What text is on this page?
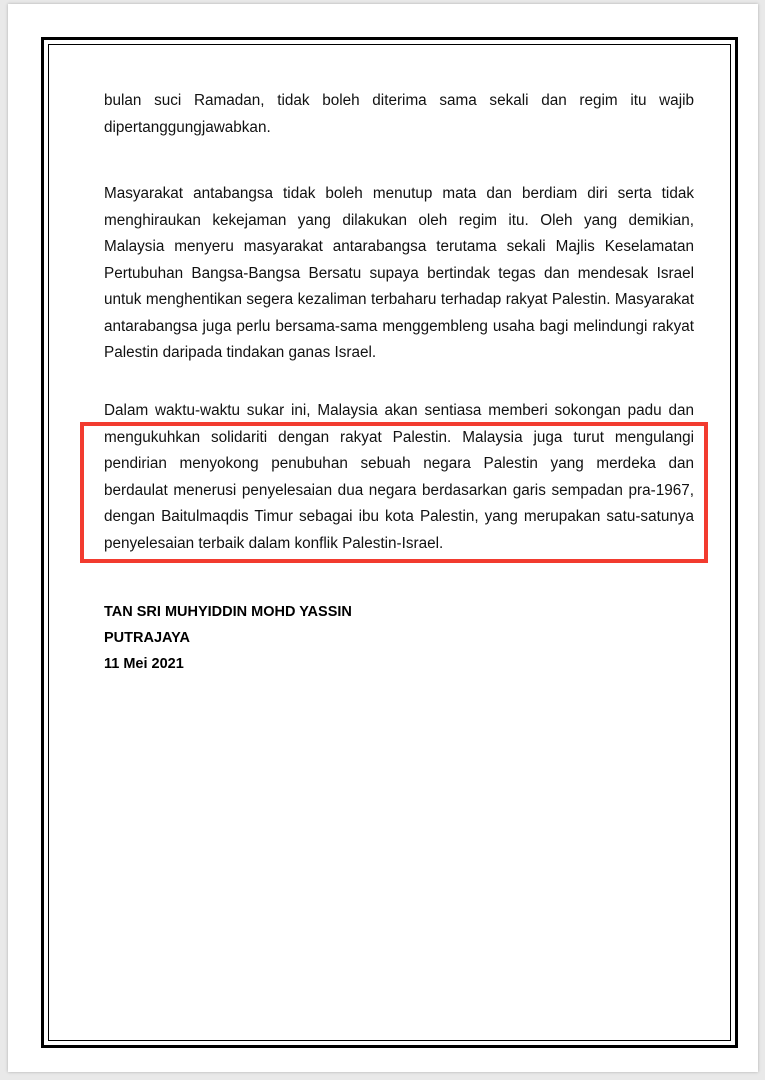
bulan suci Ramadan, tidak boleh diterima sama sekali dan regim itu wajib dipertanggungjawabkan.

Masyarakat antabangsa tidak boleh menutup mata dan berdiam diri serta tidak menghiraukan kekejaman yang dilakukan oleh regim itu. Oleh yang demikian, Malaysia menyeru masyarakat antarabangsa terutama sekali Majlis Keselamatan Pertubuhan Bangsa-Bangsa Bersatu supaya bertindak tegas dan mendesak Israel untuk menghentikan segera kezaliman terbaharu terhadap rakyat Palestin. Masyarakat antarabangsa juga perlu bersama-sama menggembleng usaha bagi melindungi rakyat Palestin daripada tindakan ganas Israel.

Dalam waktu-waktu sukar ini, Malaysia akan sentiasa memberi sokongan padu dan mengukuhkan solidariti dengan rakyat Palestin. Malaysia juga turut mengulangi pendirian menyokong penubuhan sebuah negara Palestin yang merdeka dan berdaulat menerusi penyelesaian dua negara berdasarkan garis sempadan pra-1967, dengan Baitulmaqdis Timur sebagai ibu kota Palestin, yang merupakan satu-satunya penyelesaian terbaik dalam konflik Palestin-Israel.

TAN SRI MUHYIDDIN MOHD YASSIN

PUTRAJAYA

11 Mei 2021
